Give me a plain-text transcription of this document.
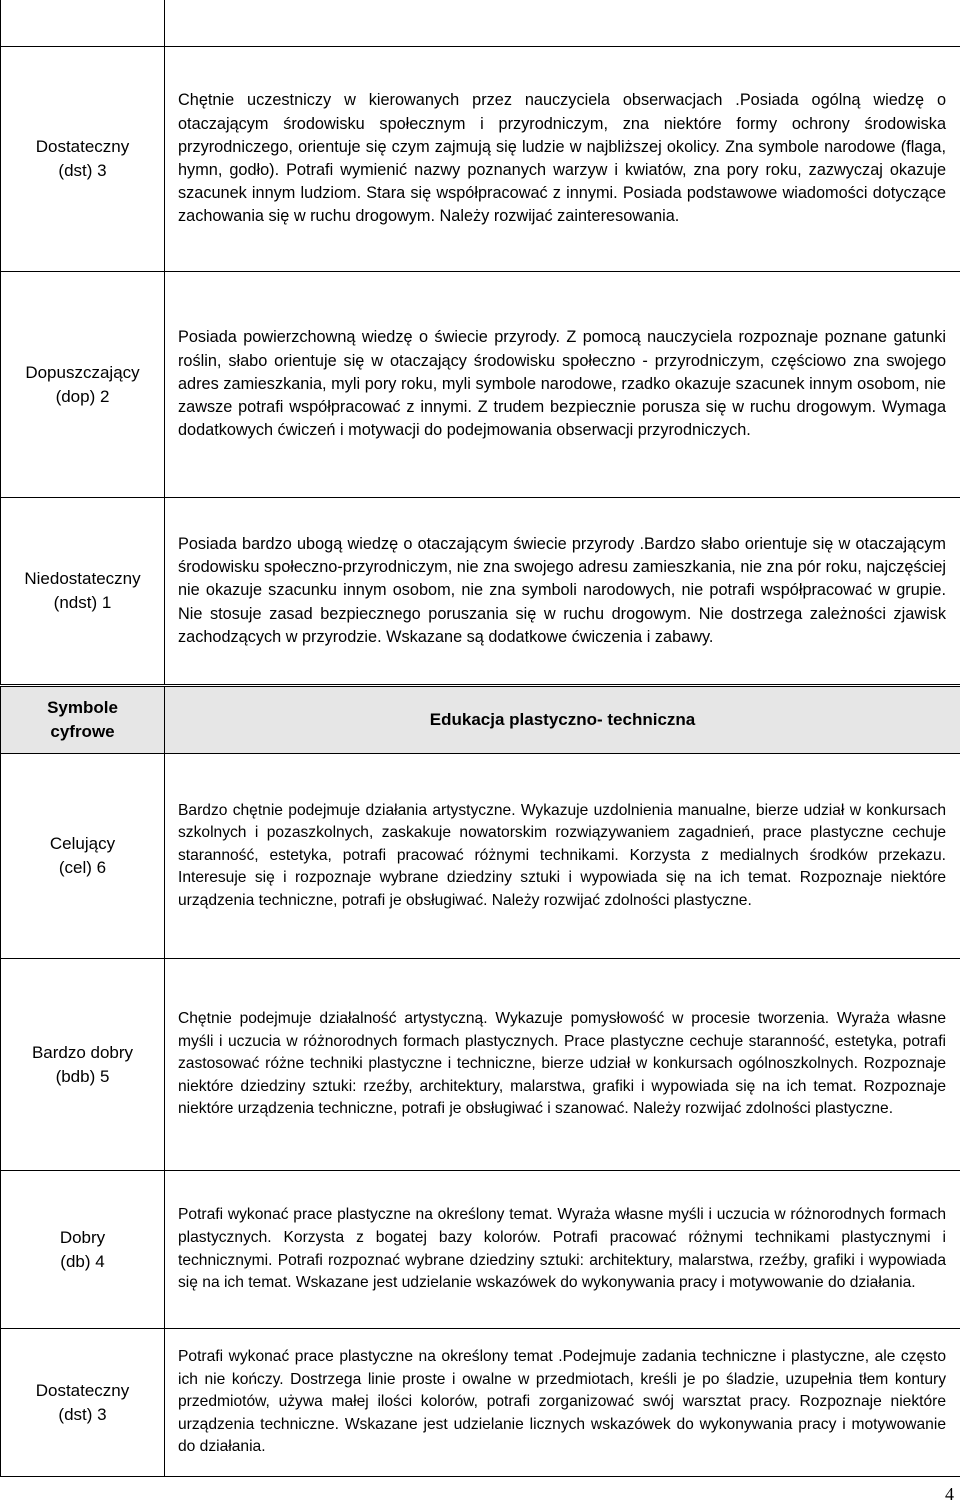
Dostateczny
(dst) 3	Chętnie uczestniczy w kierowanych przez nauczyciela obserwacjach .Posiada ogólną wiedzę o otaczającym środowisku społecznym i przyrodniczym, zna niektóre formy ochrony środowiska przyrodniczego, orientuje się czym zajmują się ludzie w najbliższej okolicy. Zna symbole narodowe (flaga, hymn, godło). Potrafi wymienić nazwy poznanych warzyw i kwiatów, zna pory roku, zazwyczaj okazuje szacunek innym ludziom. Stara się współpracować z innymi. Posiada podstawowe wiadomości dotyczące zachowania się w ruchu drogowym. Należy rozwijać zainteresowania.

Dopuszczający
(dop) 2	Posiada powierzchowną wiedzę o świecie przyrody. Z pomocą nauczyciela rozpoznaje poznane gatunki roślin, słabo orientuje się w otaczający środowisku społeczno - przyrodniczym, częściowo zna swojego adres zamieszkania, myli pory roku, myli symbole narodowe, rzadko okazuje szacunek innym osobom, nie zawsze potrafi współpracować z innymi. Z trudem bezpiecznie porusza się w ruchu drogowym. Wymaga dodatkowych ćwiczeń i motywacji do podejmowania obserwacji przyrodniczych.

Niedostateczny
(ndst) 1	Posiada bardzo ubogą wiedzę o otaczającym świecie przyrody .Bardzo słabo orientuje się w otaczającym środowisku społeczno-przyrodniczym, nie zna swojego adresu zamieszkania, nie zna pór roku, najczęściej nie okazuje szacunku innym osobom, nie zna symboli narodowych, nie potrafi współpracować w grupie. Nie stosuje zasad bezpiecznego poruszania się w ruchu drogowym. Nie dostrzega zależności zjawisk zachodzących w przyrodzie. Wskazane są dodatkowe ćwiczenia i zabawy.

Symbole
cyfrowe	Edukacja plastyczno- techniczna

Celujący
(cel) 6	Bardzo chętnie podejmuje działania artystyczne. Wykazuje uzdolnienia manualne, bierze udział w konkursach szkolnych i pozaszkolnych, zaskakuje nowatorskim rozwiązywaniem zagadnień, prace plastyczne cechuje staranność, estetyka, potrafi pracować różnymi technikami. Korzysta z medialnych środków przekazu. Interesuje się i rozpoznaje wybrane dziedziny sztuki i wypowiada się na ich temat. Rozpoznaje niektóre urządzenia techniczne, potrafi je obsługiwać. Należy rozwijać zdolności plastyczne.

Bardzo dobry
(bdb) 5	Chętnie podejmuje działalność artystyczną. Wykazuje pomysłowość w procesie tworzenia. Wyraża własne myśli i uczucia w różnorodnych formach plastycznych. Prace plastyczne cechuje staranność, estetyka, potrafi zastosować różne techniki plastyczne i techniczne, bierze udział w konkursach ogólnoszkolnych. Rozpoznaje niektóre dziedziny sztuki: rzeźby, architektury, malarstwa, grafiki i wypowiada się na ich temat. Rozpoznaje niektóre urządzenia techniczne, potrafi je obsługiwać i szanować. Należy rozwijać zdolności plastyczne.

Dobry
(db) 4	Potrafi wykonać prace plastyczne na określony temat. Wyraża własne myśli i uczucia w różnorodnych formach plastycznych. Korzysta z bogatej bazy kolorów. Potrafi pracować różnymi technikami plastycznymi i technicznymi. Potrafi rozpoznać wybrane dziedziny sztuki: architektury, malarstwa, rzeźby, grafiki i wypowiada się na ich temat. Wskazane jest udzielanie wskazówek do wykonywania pracy i motywowanie do działania.

Dostateczny
(dst) 3	Potrafi wykonać prace plastyczne na określony temat .Podejmuje zadania techniczne i plastyczne, ale często ich nie kończy. Dostrzega linie proste i owalne w przedmiotach, kreśli je po śladzie, uzupełnia tłem kontury przedmiotów, używa małej ilości kolorów, potrafi zorganizować swój warsztat pracy. Rozpoznaje niektóre urządzenia techniczne. Wskazane jest udzielanie licznych wskazówek do wykonywania pracy i motywowanie do działania.

4
